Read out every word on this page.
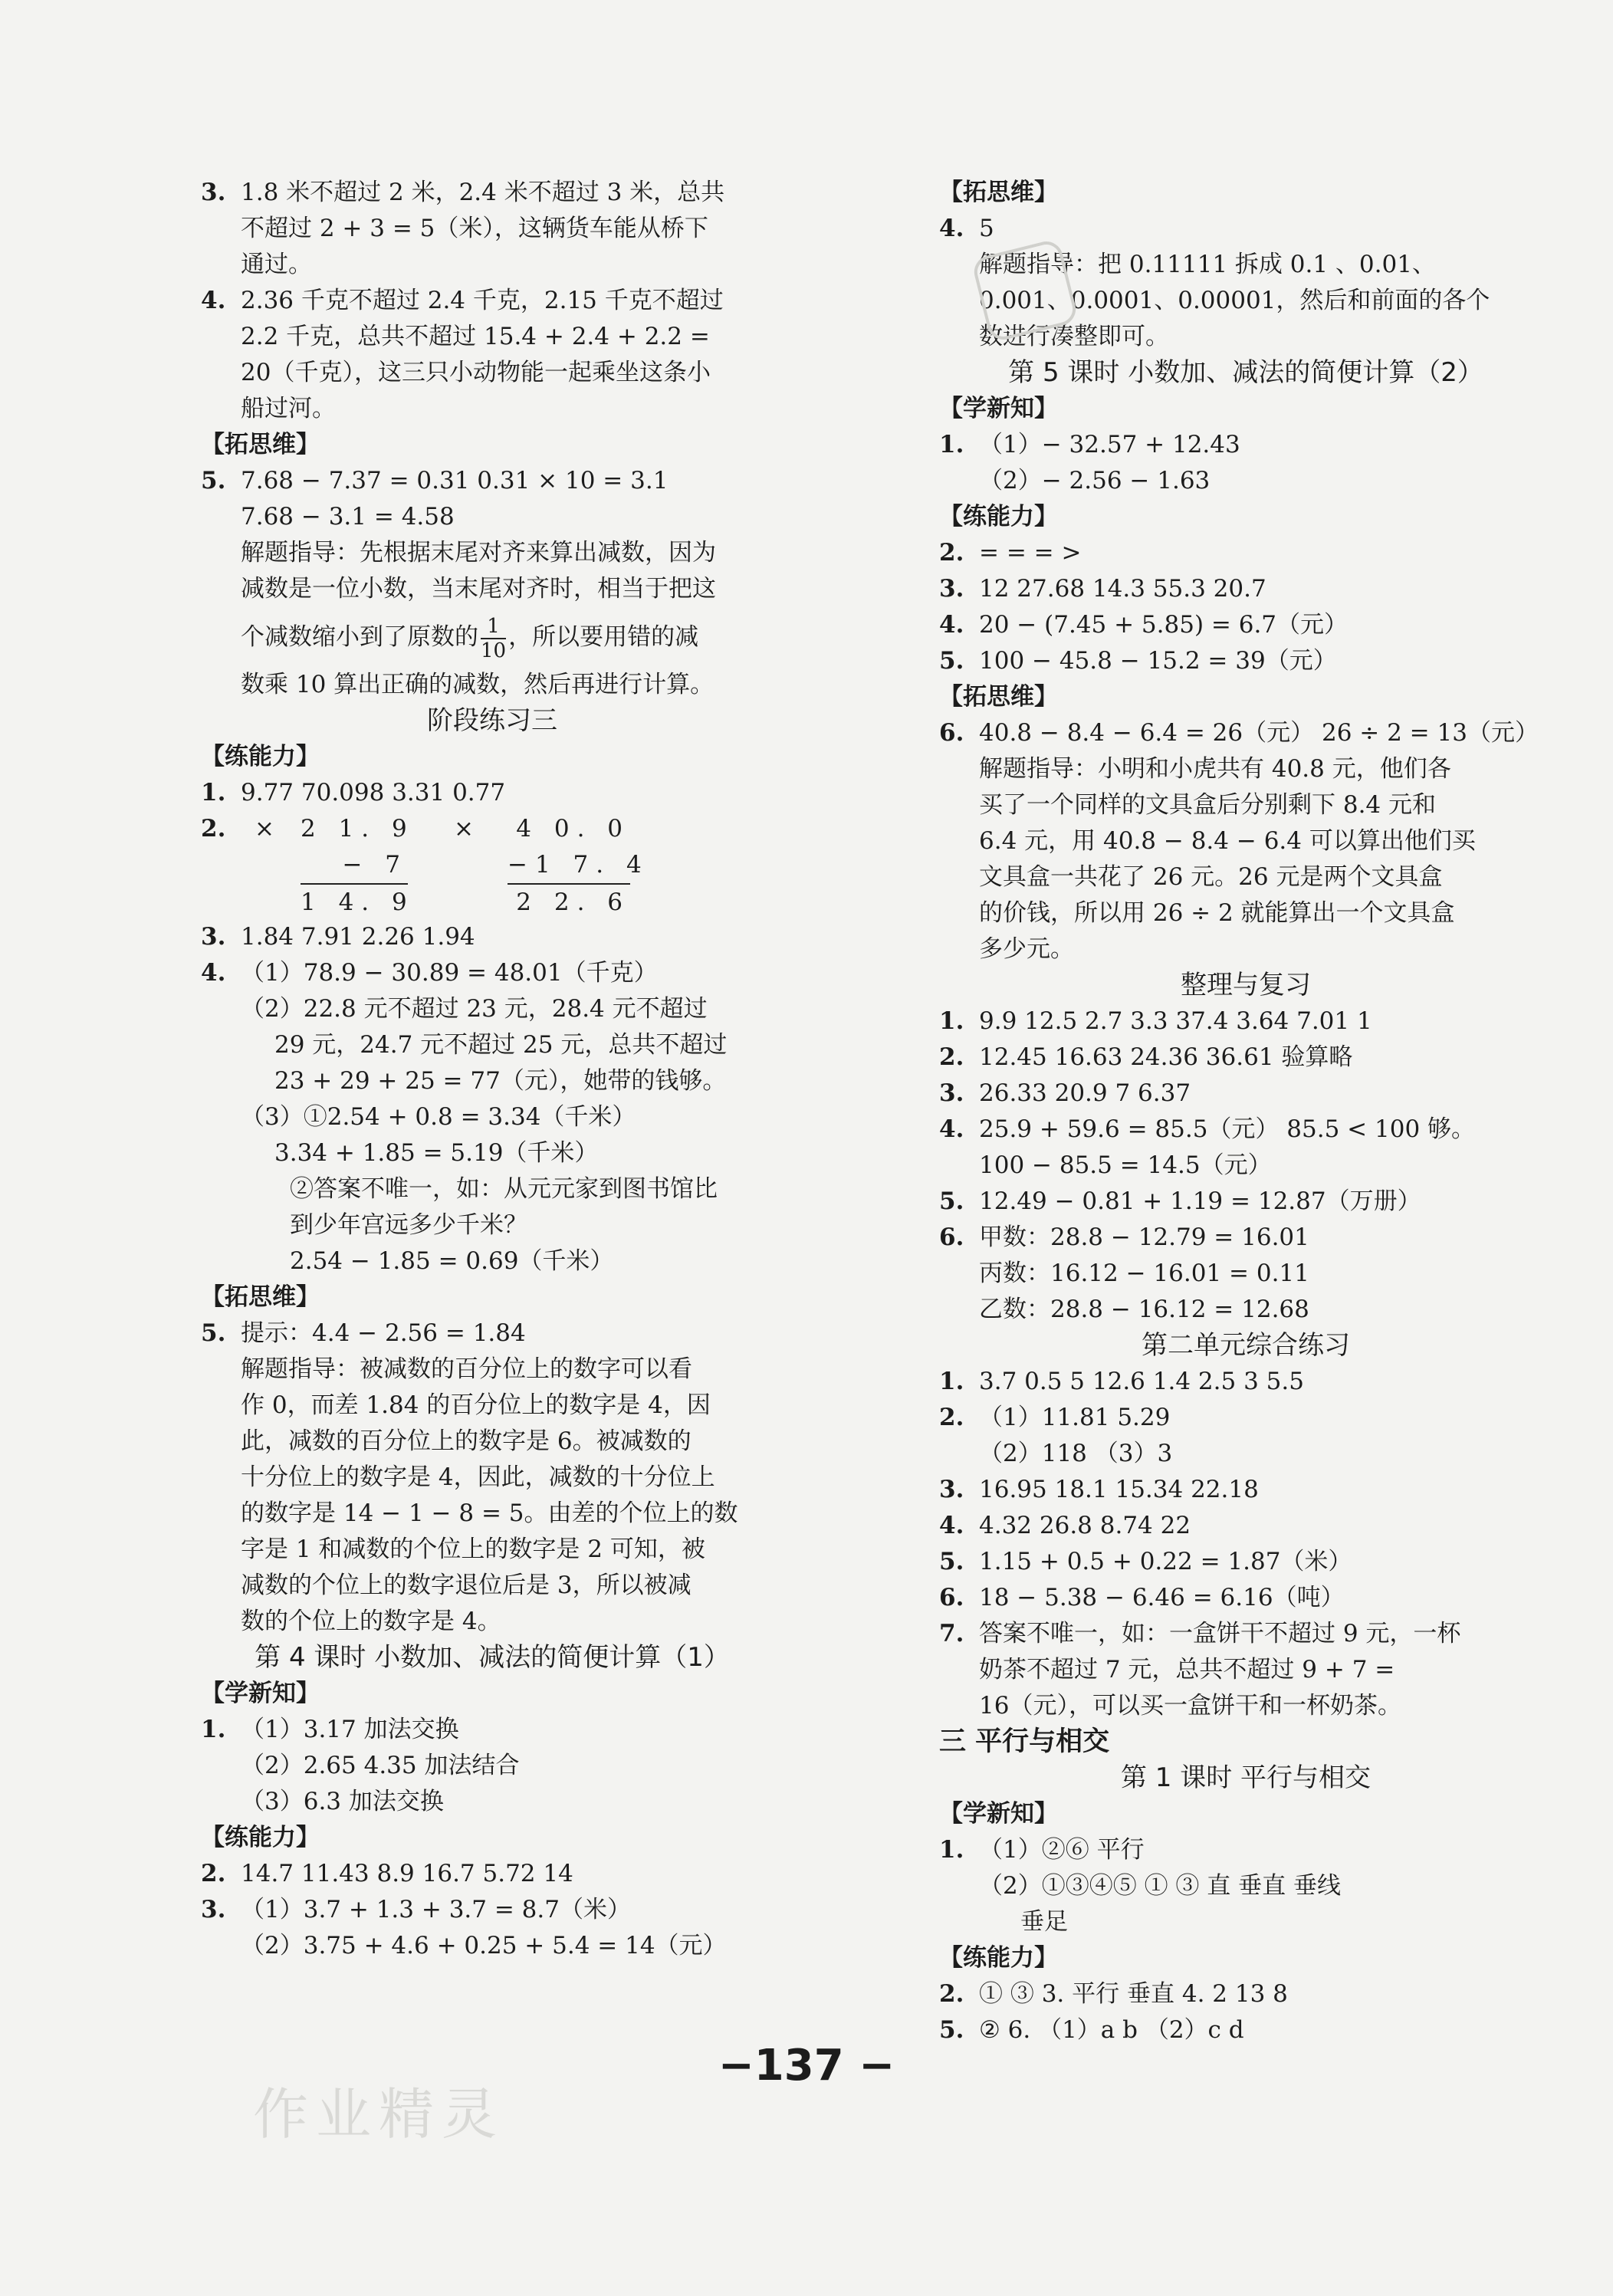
3. 1.8 米不超过 2 米，2.4 米不超过 3 米，总共
不超过 2 + 3 = 5（米），这辆货车能从桥下
通过。
4. 2.36 千克不超过 2.4 千克，2.15 千克不超过
2.2 千克，总共不超过 15.4 + 2.4 + 2.2 =
20（千克），这三只小动物能一起乘坐这条小
船过河。
【拓思维】
5. 7.68 − 7.37 = 0.31 0.31 × 10 = 3.1
7.68 − 3.1 = 4.58
解题指导：先根据末尾对齐来算出减数，因为
减数是一位小数，当末尾对齐时，相当于把这
个减数缩小到了原数的 $\frac{1}{10}$ ，所以要用错的减
数乘 10 算出正确的减数，然后再进行计算。
阶段练习三
【练能力】
1. 9.77 70.098 3.31 0.77
2. × 2 1. 9
− 7
1 4. 9
×	4 0. 0
−1 7. 4
2 2. 6
3. 1.84 7.91 2.26 1.94
4. （1）78.9 − 30.89 = 48.01（千克）
（2）22.8 元不超过 23 元，28.4 元不超过
29 元，24.7 元不超过 25 元，总共不超过
23 + 29 + 25 = 77（元），她带的钱够。
（3）①2.54 + 0.8 = 3.34（千米）
3.34 + 1.85 = 5.19（千米）
②答案不唯一，如：从元元家到图书馆比
到少年宫远多少千米？
2.54 − 1.85 = 0.69（千米）
【拓思维】
5. 提示：4.4 − 2.56 = 1.84
解题指导：被减数的百分位上的数字可以看
作 0，而差 1.84 的百分位上的数字是 4，因
此，减数的百分位上的数字是 6。被减数的
十分位上的数字是 4，因此，减数的十分位上
的数字是 14 − 1 − 8 = 5。由差的个位上的数
字是 1 和减数的个位上的数字是 2 可知，被
减数的个位上的数字退位后是 3，所以被减
数的个位上的数字是 4。
第 4 课时 小数加、减法的简便计算（1）
【学新知】
1. （1）3.17 加法交换
（2）2.65 4.35 加法结合
（3）6.3 加法交换
【练能力】
2. 14.7 11.43 8.9 16.7 5.72 14
3. （1）3.7 + 1.3 + 3.7 = 8.7（米）
（2）3.75 + 4.6 + 0.25 + 5.4 = 14（元）
【拓思维】
4. 5
解题指导：把 0.11111 拆成 0.1 、0.01、
0.001、0.0001、0.00001，然后和前面的各个
数进行凑整即可。
第 5 课时 小数加、减法的简便计算（2）
【学新知】
1. （1）− 32.57 + 12.43
（2）− 2.56 − 1.63
【练能力】
2. = = = >
3. 12 27.68 14.3 55.3 20.7
4. 20 − (7.45 + 5.85) = 6.7（元）
5. 100 − 45.8 − 15.2 = 39（元）
【拓思维】
6. 40.8 − 8.4 − 6.4 = 26（元） 26 ÷ 2 = 13（元）
解题指导：小明和小虎共有 40.8 元，他们各
买了一个同样的文具盒后分别剩下 8.4 元和
6.4 元，用 40.8 − 8.4 − 6.4 可以算出他们买
文具盒一共花了 26 元。26 元是两个文具盒
的价钱，所以用 26 ÷ 2 就能算出一个文具盒
多少元。
整理与复习
1. 9.9 12.5 2.7 3.3 37.4 3.64 7.01 1
2. 12.45 16.63 24.36 36.61 验算略
3. 26.33 20.9 7 6.37
4. 25.9 + 59.6 = 85.5（元） 85.5 < 100 够。
100 − 85.5 = 14.5（元）
5. 12.49 − 0.81 + 1.19 = 12.87（万册）
6. 甲数：28.8 − 12.79 = 16.01
丙数：16.12 − 16.01 = 0.11
乙数：28.8 − 16.12 = 12.68
第二单元综合练习
1. 3.7 0.5 5 12.6 1.4 2.5 3 5.5
2. （1）11.81 5.29
（2）118 （3）3
3. 16.95 18.1 15.34 22.18
4. 4.32 26.8 8.74 22
5. 1.15 + 0.5 + 0.22 = 1.87（米）
6. 18 − 5.38 − 6.46 = 6.16（吨）
7. 答案不唯一，如：一盒饼干不超过 9 元，一杯
奶茶不超过 7 元，总共不超过 9 + 7 =
16（元），可以买一盒饼干和一杯奶茶。
三 平行与相交
第 1 课时 平行与相交
【学新知】
1. （1）②⑥ 平行
（2）①③④⑤ ① ③ 直 垂直 垂线
垂足
【练能力】
2. ① ③ 3. 平行 垂直 4. 2 13 8
5. ② 6. （1）a b （2）c d
作业精灵
−137 −
